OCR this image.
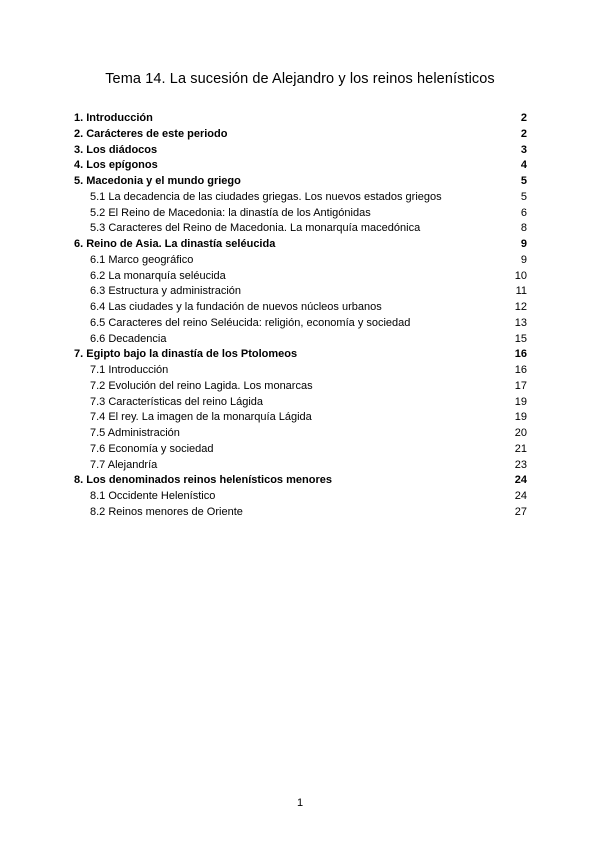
Tema 14. La sucesión de Alejandro y los reinos helenísticos
1. Introducción	2
2. Carácteres de este periodo	2
3. Los diádocos	3
4. Los epígonos	4
5. Macedonia y el mundo griego	5
5.1 La decadencia de las ciudades griegas. Los nuevos estados griegos	5
5.2 El Reino de Macedonia: la dinastía de los Antigónidas	6
5.3 Caracteres del Reino de Macedonia. La monarquía macedónica	8
6. Reino de Asia. La dinastía seléucida	9
6.1 Marco geográfico	9
6.2 La monarquía seléucida	10
6.3 Estructura y administración	11
6.4 Las ciudades y la fundación de nuevos núcleos urbanos	12
6.5 Caracteres del reino Seléucida: religión, economía y sociedad	13
6.6 Decadencia	15
7. Egipto bajo la dinastía de los Ptolomeos	16
7.1 Introducción	16
7.2 Evolución del reino Lagida. Los monarcas	17
7.3 Características del reino Lágida	19
7.4 El rey. La imagen de la monarquía Lágida	19
7.5 Administración	20
7.6 Economía y sociedad	21
7.7 Alejandría	23
8. Los denominados reinos helenísticos menores	24
8.1 Occidente Helenístico	24
8.2 Reinos menores de Oriente	27
1
